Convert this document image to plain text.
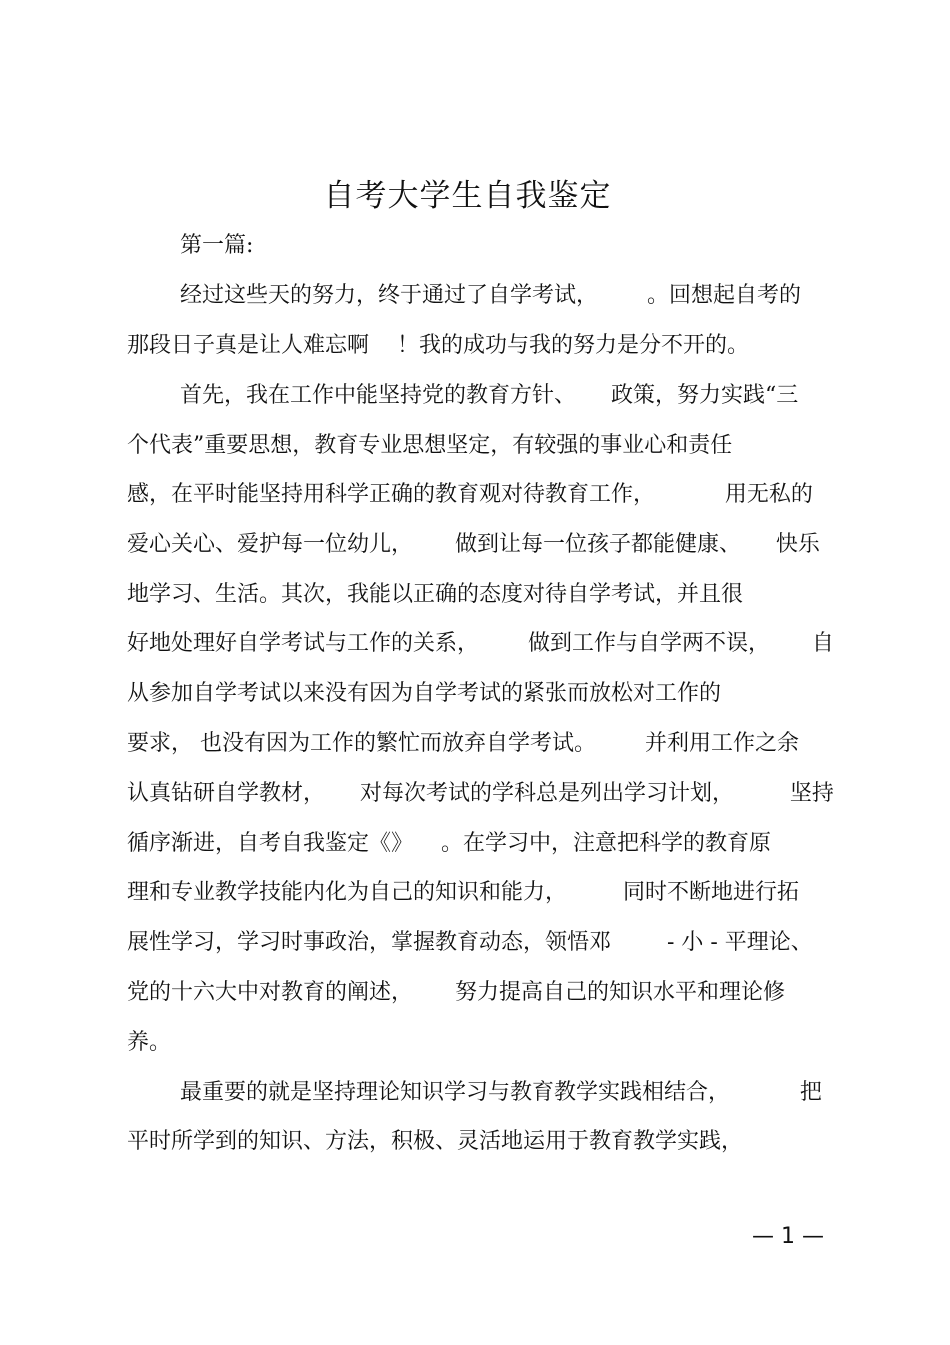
自考大学生自我鉴定
第一篇:
经过这些天的努力，终于通过了自学考试，       。回想起自考的
那段日子真是让人难忘啊    ！我的成功与我的努力是分不开的。
首先，我在工作中能坚持党的教育方针、     政策，努力实践“三
个代表”重要思想，教育专业思想坚定，有较强的事业心和责任
感，在平时能坚持用科学正确的教育观对待教育工作，          用无私的
爱心关心、爱护每一位幼儿，      做到让每一位孩子都能健康、     快乐
地学习、生活。其次，我能以正确的态度对待自学考试，并且很
好地处理好自学考试与工作的关系，       做到工作与自学两不误，      自
从参加自学考试以来没有因为自学考试的紧张而放松对工作的
要求， 也没有因为工作的繁忙而放弃自学考试。       并利用工作之余
认真钻研自学教材，     对每次考试的学科总是列出学习计划，        坚持
循序渐进，自考自我鉴定《》    。在学习中，注意把科学的教育原
理和专业教学技能内化为自己的知识和能力，        同时不断地进行拓
展性学习，学习时事政治，掌握教育动态，领悟邓        - 小 - 平理论、
党的十六大中对教育的阐述，      努力提高自己的知识水平和理论修
养。
最重要的就是坚持理论知识学习与教育教学实践相结合，          把
平时所学到的知识、方法，积极、灵活地运用于教育教学实践，
— 1 —
